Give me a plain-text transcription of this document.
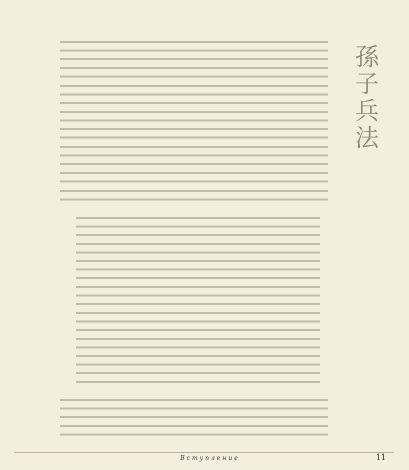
孫
子
兵
法
Вступление	11
